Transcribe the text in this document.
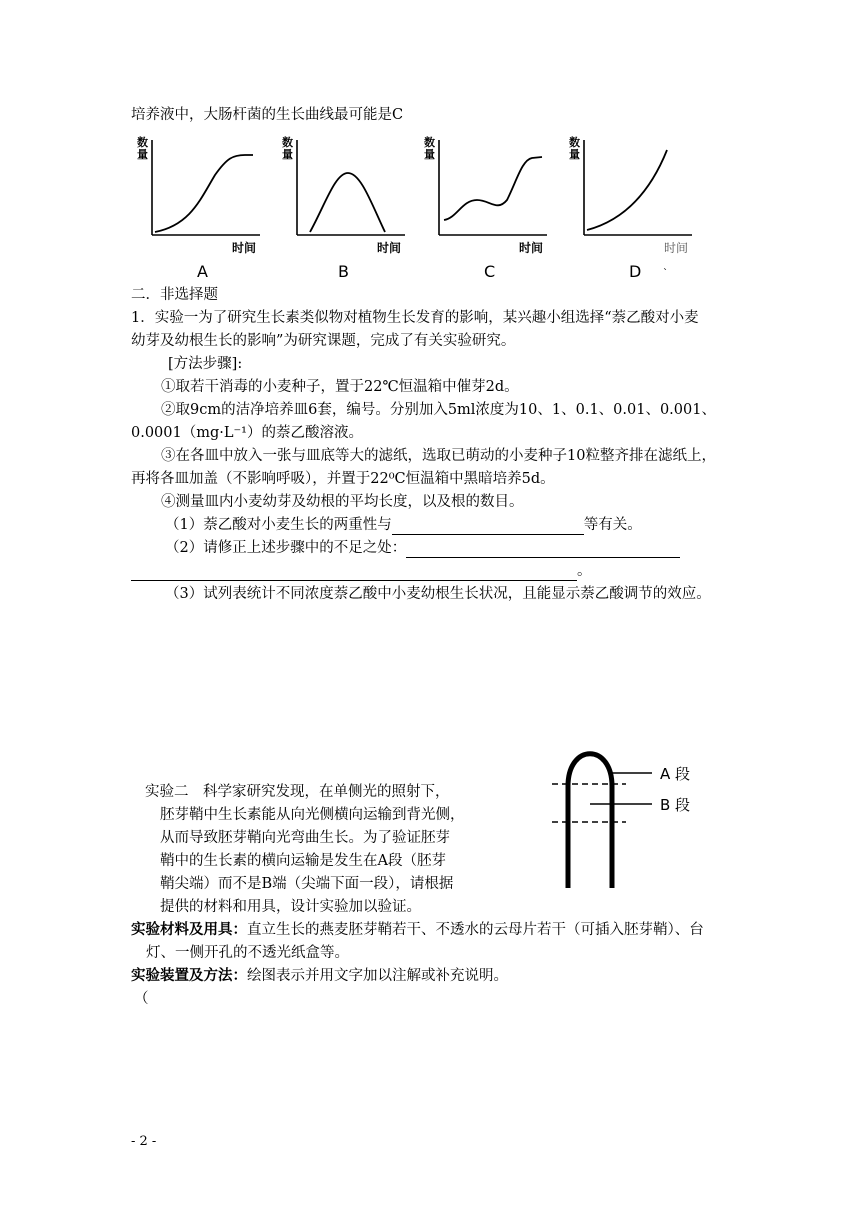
培养液中，大肠杆菌的生长曲线最可能是C
数
量
时间
A
数
量
时间
B
数
量
时间
C
数
量
时间
D ˋ
二．非选择题
1．实验一为了研究生长素类似物对植物生长发育的影响，某兴趣小组选择“萘乙酸对小麦
幼芽及幼根生长的影响”为研究课题，完成了有关实验研究。
[方法步骤]:
①取若干消毒的小麦种子，置于22℃恒温箱中催芽2d。
②取9cm的洁净培养皿6套，编号。分别加入5ml浓度为10、1、0.1、0.01、0.001、
0.0001（mg·L⁻¹）的萘乙酸溶液。
③在各皿中放入一张与皿底等大的滤纸，选取已萌动的小麦种子10粒整齐排在滤纸上，
再将各皿加盖（不影响呼吸），并置于22⁰C恒温箱中黑暗培养5d。
④测量皿内小麦幼芽及幼根的平均长度，以及根的数目。
（1）萘乙酸对小麦生长的两重性与	等有关。
（2）请修正上述步骤中的不足之处：
。
（3）试列表统计不同浓度萘乙酸中小麦幼根生长状况，且能显示萘乙酸调节的效应。
实验二　科学家研究发现，在单侧光的照射下，
胚芽鞘中生长素能从向光侧横向运输到背光侧，
从而导致胚芽鞘向光弯曲生长。为了验证胚芽
鞘中的生长素的横向运输是发生在A段（胚芽
鞘尖端）而不是B端（尖端下面一段），请根据
提供的材料和用具，设计实验加以验证。
A 段
B 段
实验材料及用具：直立生长的燕麦胚芽鞘若干、不透水的云母片若干（可插入胚芽鞘）、台
灯、一侧开孔的不透光纸盒等。
实验装置及方法：绘图表示并用文字加以注解或补充说明。
（
- 2 -
